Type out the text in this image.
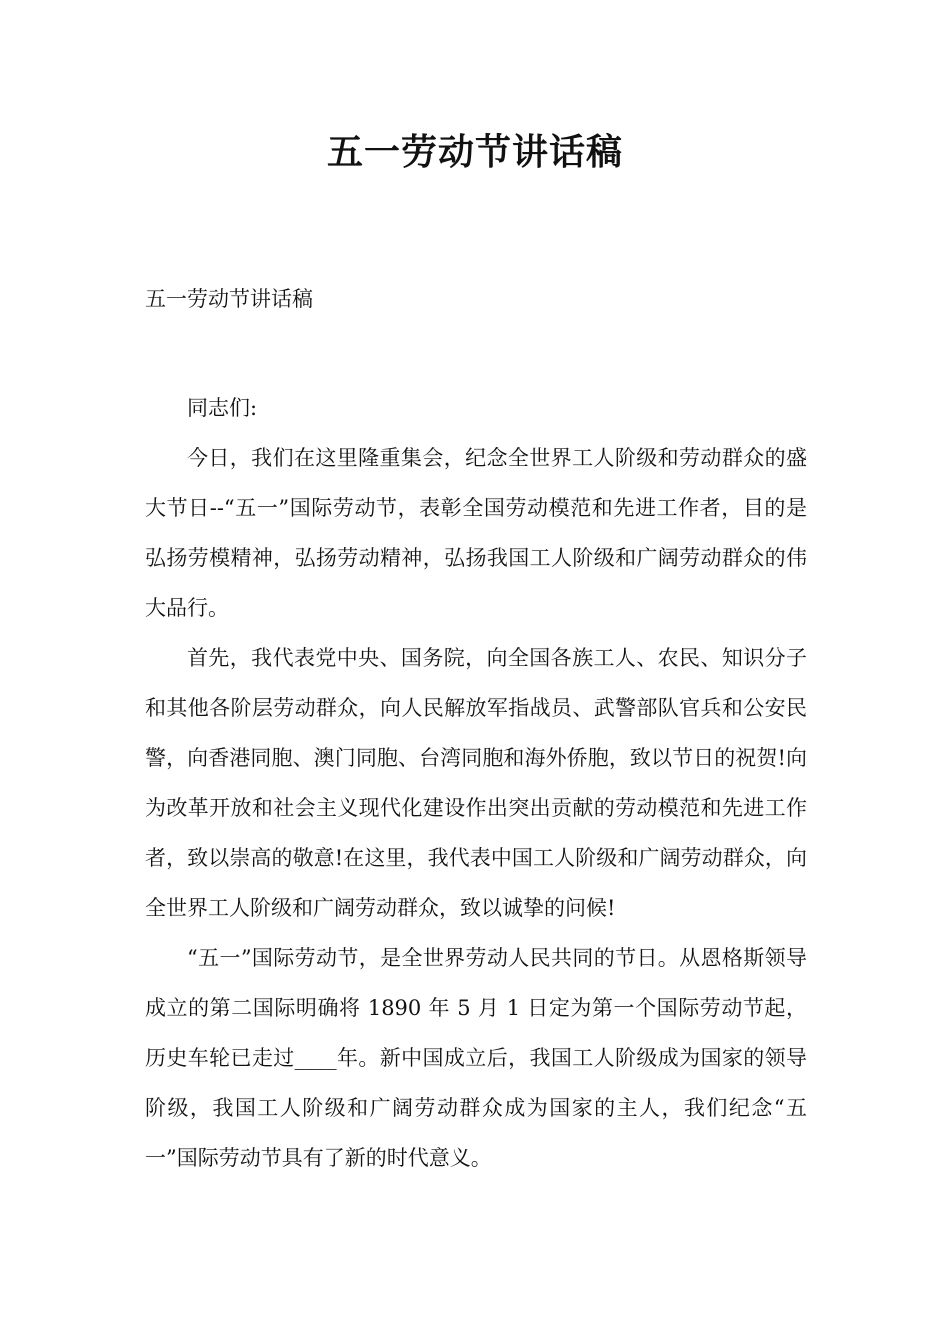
五一劳动节讲话稿
五一劳动节讲话稿

同志们:

今日，我们在这里隆重集会，纪念全世界工人阶级和劳动群众的盛大节日--“五一”国际劳动节，表彰全国劳动模范和先进工作者，目的是弘扬劳模精神，弘扬劳动精神，弘扬我国工人阶级和广阔劳动群众的伟大品行。

首先，我代表党中央、国务院，向全国各族工人、农民、知识分子和其他各阶层劳动群众，向人民解放军指战员、武警部队官兵和公安民警，向香港同胞、澳门同胞、台湾同胞和海外侨胞，致以节日的祝贺!向为改革开放和社会主义现代化建设作出突出贡献的劳动模范和先进工作者，致以崇高的敬意!在这里，我代表中国工人阶级和广阔劳动群众，向全世界工人阶级和广阔劳动群众，致以诚挚的问候!

“五一”国际劳动节，是全世界劳动人民共同的节日。从恩格斯领导成立的第二国际明确将 1890 年 5 月 1 日定为第一个国际劳动节起，历史车轮已走过____年。新中国成立后，我国工人阶级成为国家的领导阶级，我国工人阶级和广阔劳动群众成为国家的主人，我们纪念“五一”国际劳动节具有了新的时代意义。
